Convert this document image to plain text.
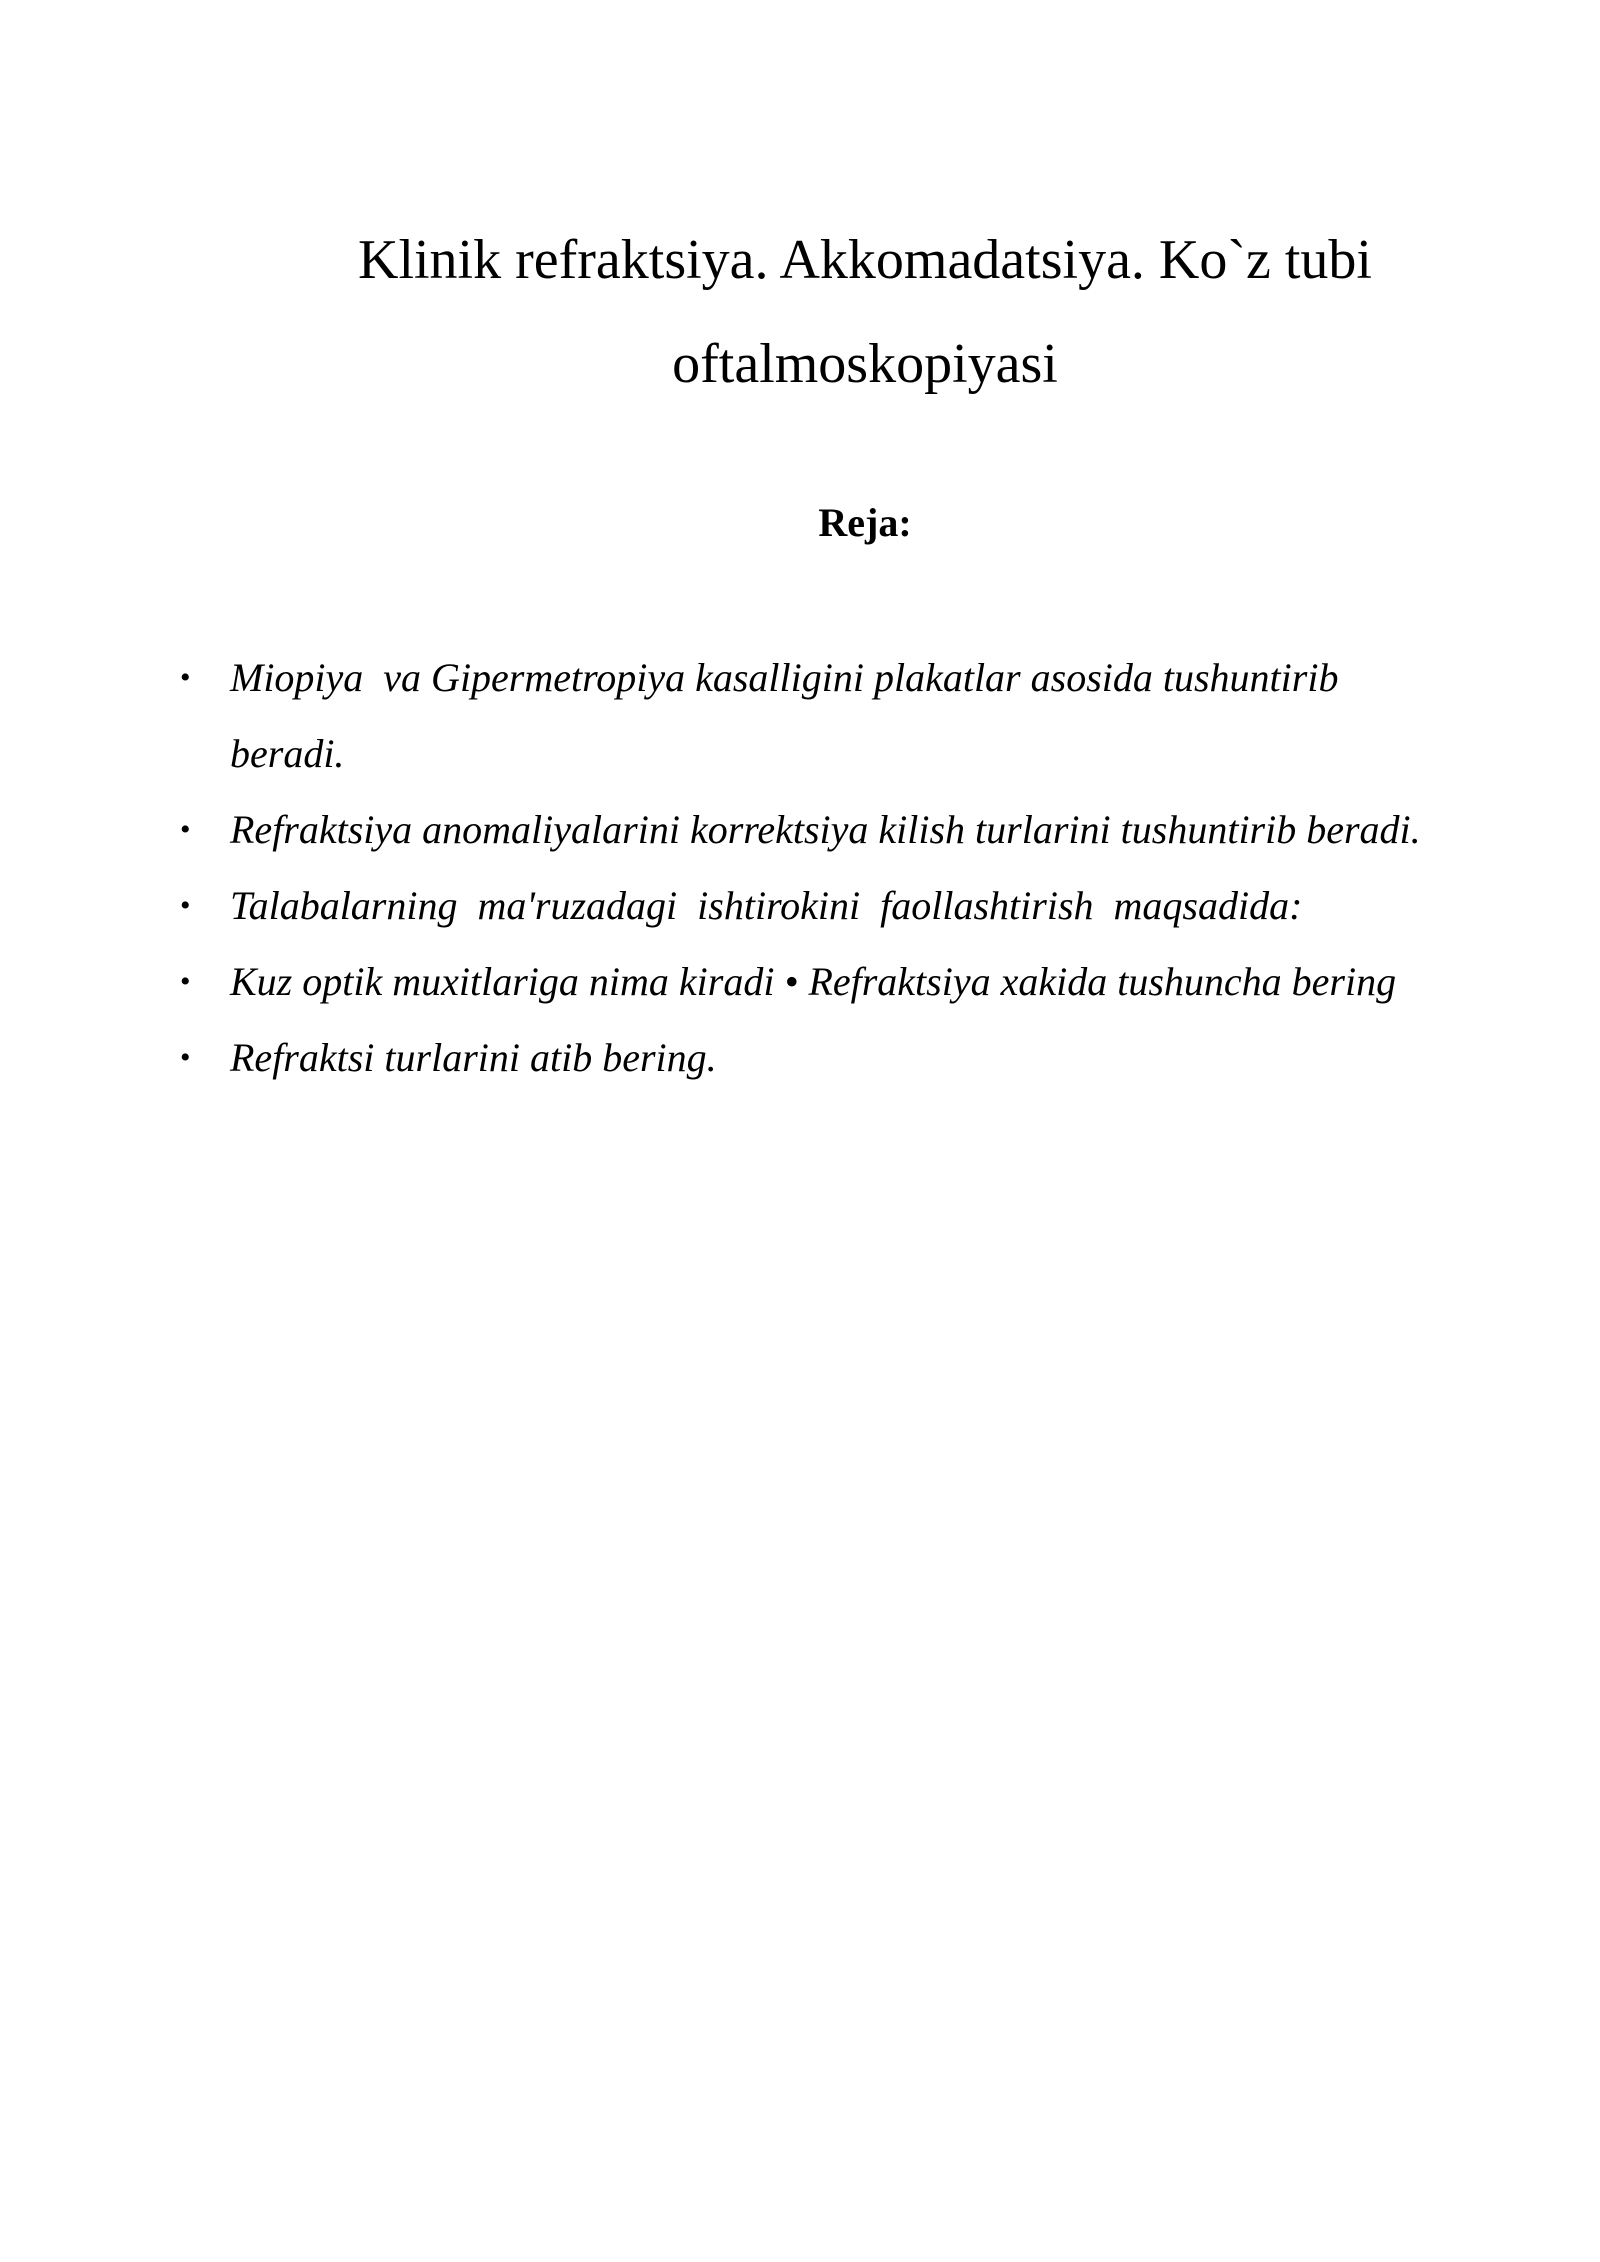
Klinik refraktsiya. Akkomadatsiya. Ko`z tubi oftalmoskopiyasi
Reja:
• Miopiya  va Gipermetropiya kasalligini plakatlar asosida tushuntirib beradi.
• Refraktsiya anomaliyalarini korrektsiya kilish turlarini tushuntirib beradi.
• Talabalarning  ma'ruzadagi  ishtirokini  faollashtirish  maqsadida:
• Kuz optik muxitlariga nima kiradi • Refraktsiya xakida tushuncha bering
• Refraktsi turlarini atib bering.
